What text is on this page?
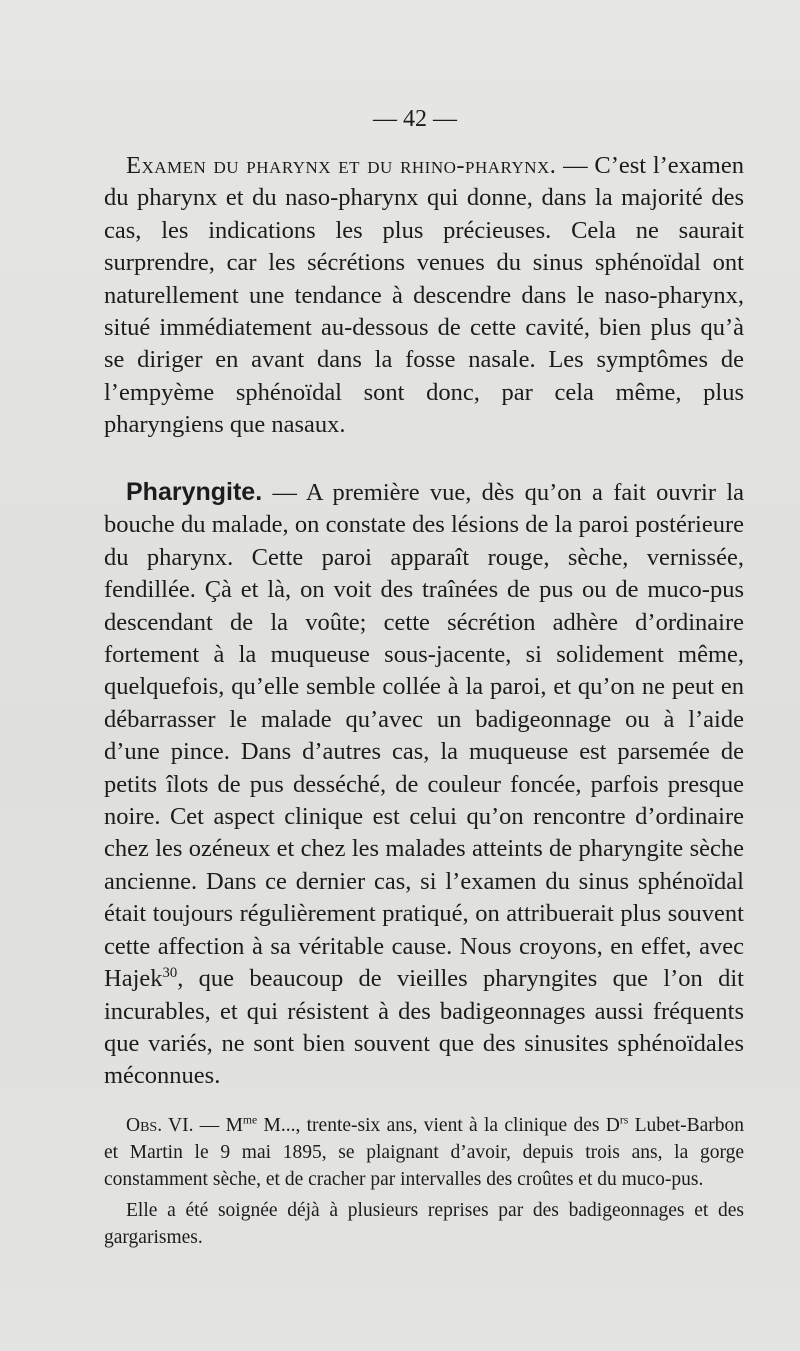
— 42 —

Examen du pharynx et du rhino-pharynx. — C’est l’examen du pharynx et du naso-pharynx qui donne, dans la majorité des cas, les indications les plus précieuses. Cela ne saurait surprendre, car les sécrétions venues du sinus sphénoïdal ont naturellement une tendance à descendre dans le naso-pharynx, situé immédiatement au-dessous de cette cavité, bien plus qu’à se diriger en avant dans la fosse nasale. Les symptômes de l’empyème sphénoïdal sont donc, par cela même, plus pharyngiens que nasaux.

Pharyngite. — A première vue, dès qu’on a fait ouvrir la bouche du malade, on constate des lésions de la paroi postérieure du pharynx. Cette paroi apparaît rouge, sèche, vernissée, fendillée. Çà et là, on voit des traînées de pus ou de muco-pus descendant de la voûte; cette sécrétion adhère d’ordinaire fortement à la muqueuse sous-jacente, si solidement même, quelquefois, qu’elle semble collée à la paroi, et qu’on ne peut en débarrasser le malade qu’avec un badigeonnage ou à l’aide d’une pince. Dans d’autres cas, la muqueuse est parsemée de petits îlots de pus desséché, de couleur foncée, parfois presque noire. Cet aspect clinique est celui qu’on rencontre d’ordinaire chez les ozéneux et chez les malades atteints de pharyngite sèche ancienne. Dans ce dernier cas, si l’examen du sinus sphénoïdal était toujours régulièrement pratiqué, on attribuerait plus souvent cette affection à sa véritable cause. Nous croyons, en effet, avec Hajek$^{30}$, que beaucoup de vieilles pharyngites que l’on dit incurables, et qui résistent à des badigeonnages aussi fréquents que variés, ne sont bien souvent que des sinusites sphénoïdales méconnues.

Obs. VI. — $M^{me}$ M..., trente-six ans, vient à la clinique des $D^{rs}$ Lubet-Barbon et Martin le 9 mai 1895, se plaignant d’avoir, depuis trois ans, la gorge constamment sèche, et de cracher par intervalles des croûtes et du muco-pus.

Elle a été soignée déjà à plusieurs reprises par des badigeonnages et des gargarismes.
